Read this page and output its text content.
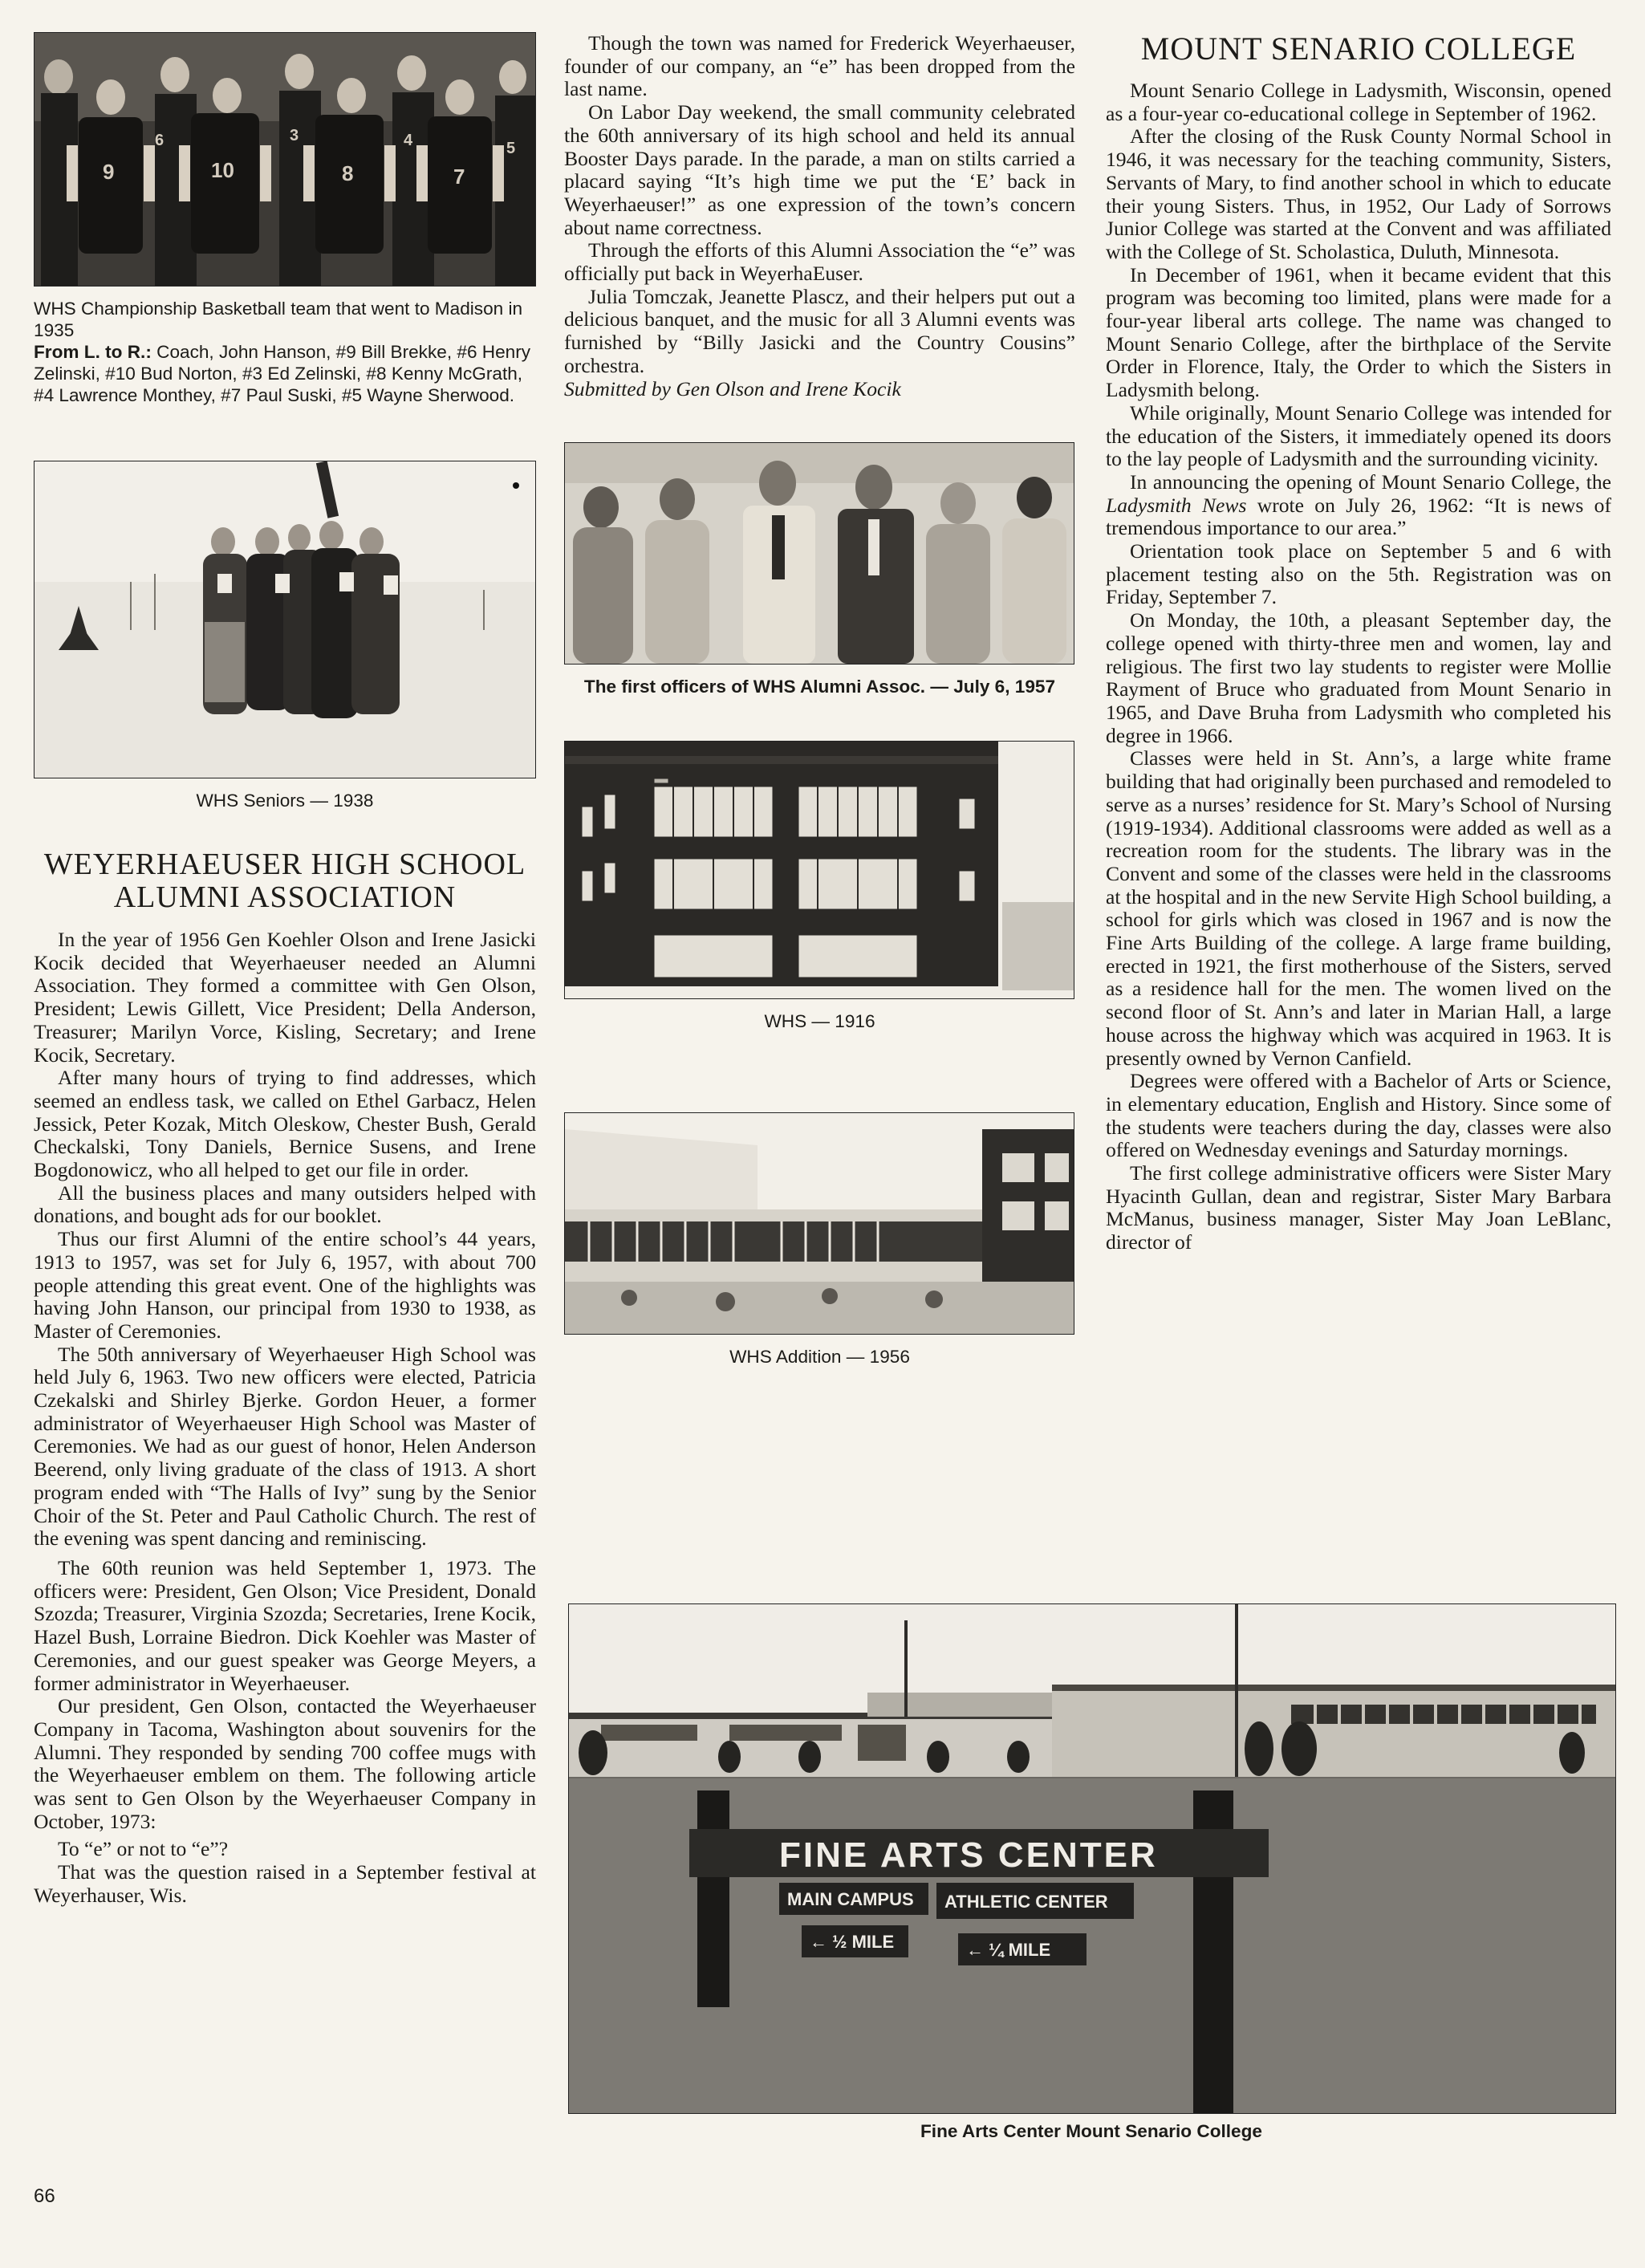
6	3	4	5
9	10	8	7
WHS Championship Basketball team that went to Madison in 1935
From L. to R.: Coach, John Hanson, #9 Bill Brekke, #6 Henry Zelinski, #10 Bud Norton, #3 Ed Zelinski, #8 Kenny McGrath, #4 Lawrence Monthey, #7 Paul Suski, #5 Wayne Sherwood.
WHS Seniors — 1938
WEYERHAEUSER HIGH SCHOOL ALUMNI ASSOCIATION

In the year of 1956 Gen Koehler Olson and Irene Jasicki Kocik decided that Weyerhaeuser needed an Alumni Association. They formed a committee with Gen Olson, President; Lewis Gillett, Vice President; Della Anderson, Treasurer; Marilyn Vorce, Kisling, Secretary; and Irene Kocik, Secretary.

After many hours of trying to find addresses, which seemed an endless task, we called on Ethel Garbacz, Helen Jessick, Peter Kozak, Mitch Oleskow, Chester Bush, Gerald Checkalski, Tony Daniels, Bernice Susens, and Irene Bogdonowicz, who all helped to get our file in order.

All the business places and many outsiders helped with donations, and bought ads for our booklet.

Thus our first Alumni of the entire school’s 44 years, 1913 to 1957, was set for July 6, 1957, with about 700 people attending this great event. One of the highlights was having John Hanson, our principal from 1930 to 1938, as Master of Ceremonies.

The 50th anniversary of Weyerhaeuser High School was held July 6, 1963. Two new officers were elected, Patricia Czekalski and Shirley Bjerke. Gordon Heuer, a former administrator of Weyerhaeuser High School was Master of Ceremonies. We had as our guest of honor, Helen Anderson Beerend, only living graduate of the class of 1913. A short program ended with “The Halls of Ivy” sung by the Senior Choir of the St. Peter and Paul Catholic Church. The rest of the evening was spent dancing and reminiscing.

The 60th reunion was held September 1, 1973. The officers were: President, Gen Olson; Vice President, Donald Szozda; Treasurer, Virginia Szozda; Secretaries, Irene Kocik, Hazel Bush, Lorraine Biedron. Dick Koehler was Master of Ceremonies, and our guest speaker was George Meyers, a former administrator in Weyerhaeuser.

Our president, Gen Olson, contacted the Weyerhaeuser Company in Tacoma, Washington about souvenirs for the Alumni. They responded by sending 700 coffee mugs with the Weyerhaeuser emblem on them. The following article was sent to Gen Olson by the Weyerhaeuser Company in October, 1973:

To “e” or not to “e”?

That was the question raised in a September festival at Weyerhauser, Wis.

Though the town was named for Frederick Weyerhaeuser, founder of our company, an “e” has been dropped from the last name.

On Labor Day weekend, the small community celebrated the 60th anniversary of its high school and held its annual Booster Days parade. In the parade, a man on stilts carried a placard saying “It’s high time we put the ‘E’ back in Weyerhaeuser!” as one expression of the town’s concern about name correctness.

Through the efforts of this Alumni Association the “e” was officially put back in WeyerhaEuser.

Julia Tomczak, Jeanette Plascz, and their helpers put out a delicious banquet, and the music for all 3 Alumni events was furnished by “Billy Jasicki and the Country Cousins” orchestra.

Submitted by Gen Olson and Irene Kocik

The first officers of WHS Alumni Assoc. — July 6, 1957
WHS — 1916
WHS Addition — 1956
MOUNT SENARIO COLLEGE

Mount Senario College in Ladysmith, Wisconsin, opened as a four-year co-educational college in September of 1962.

After the closing of the Rusk County Normal School in 1946, it was necessary for the teaching community, Sisters, Servants of Mary, to find another school in which to educate their young Sisters. Thus, in 1952, Our Lady of Sorrows Junior College was started at the Convent and was affiliated with the College of St. Scholastica, Duluth, Minnesota.

In December of 1961, when it became evident that this program was becoming too limited, plans were made for a four-year liberal arts college. The name was changed to Mount Senario College, after the birthplace of the Servite Order in Florence, Italy, the Order to which the Sisters in Ladysmith belong.

While originally, Mount Senario College was intended for the education of the Sisters, it immediately opened its doors to the lay people of Ladysmith and the surrounding vicinity.

In announcing the opening of Mount Senario College, the Ladysmith News wrote on July 26, 1962: “It is news of tremendous importance to our area.”

Orientation took place on September 5 and 6 with placement testing also on the 5th. Registration was on Friday, September 7.

On Monday, the 10th, a pleasant September day, the college opened with thirty-three men and women, lay and religious. The first two lay students to register were Mollie Rayment of Bruce who graduated from Mount Senario in 1965, and Dave Bruha from Ladysmith who completed his degree in 1966.

Classes were held in St. Ann’s, a large white frame building that had originally been purchased and remodeled to serve as a nurses’ residence for St. Mary’s School of Nursing (1919-1934). Additional classrooms were added as well as a recreation room for the students. The library was in the Convent and some of the classes were held in the classrooms at the hospital and in the new Servite High School building, a school for girls which was closed in 1967 and is now the Fine Arts Building of the college. A large frame building, erected in 1921, the first motherhouse of the Sisters, served as a residence hall for the men. The women lived on the second floor of St. Ann’s and later in Marian Hall, a large house across the highway which was acquired in 1963. It is presently owned by Vernon Canfield.

Degrees were offered with a Bachelor of Arts or Science, in elementary education, English and History. Since some of the students were teachers during the day, classes were also offered on Wednesday evenings and Saturday mornings.

The first college administrative officers were Sister Mary Hyacinth Gullan, dean and registrar, Sister Mary Barbara McManus, business manager, Sister May Joan LeBlanc, director of

FINE ARTS CENTER
MAIN CAMPUS ATHLETIC CENTER
← ½ MILE	← ¼ MILE
Fine Arts Center Mount Senario College
66
